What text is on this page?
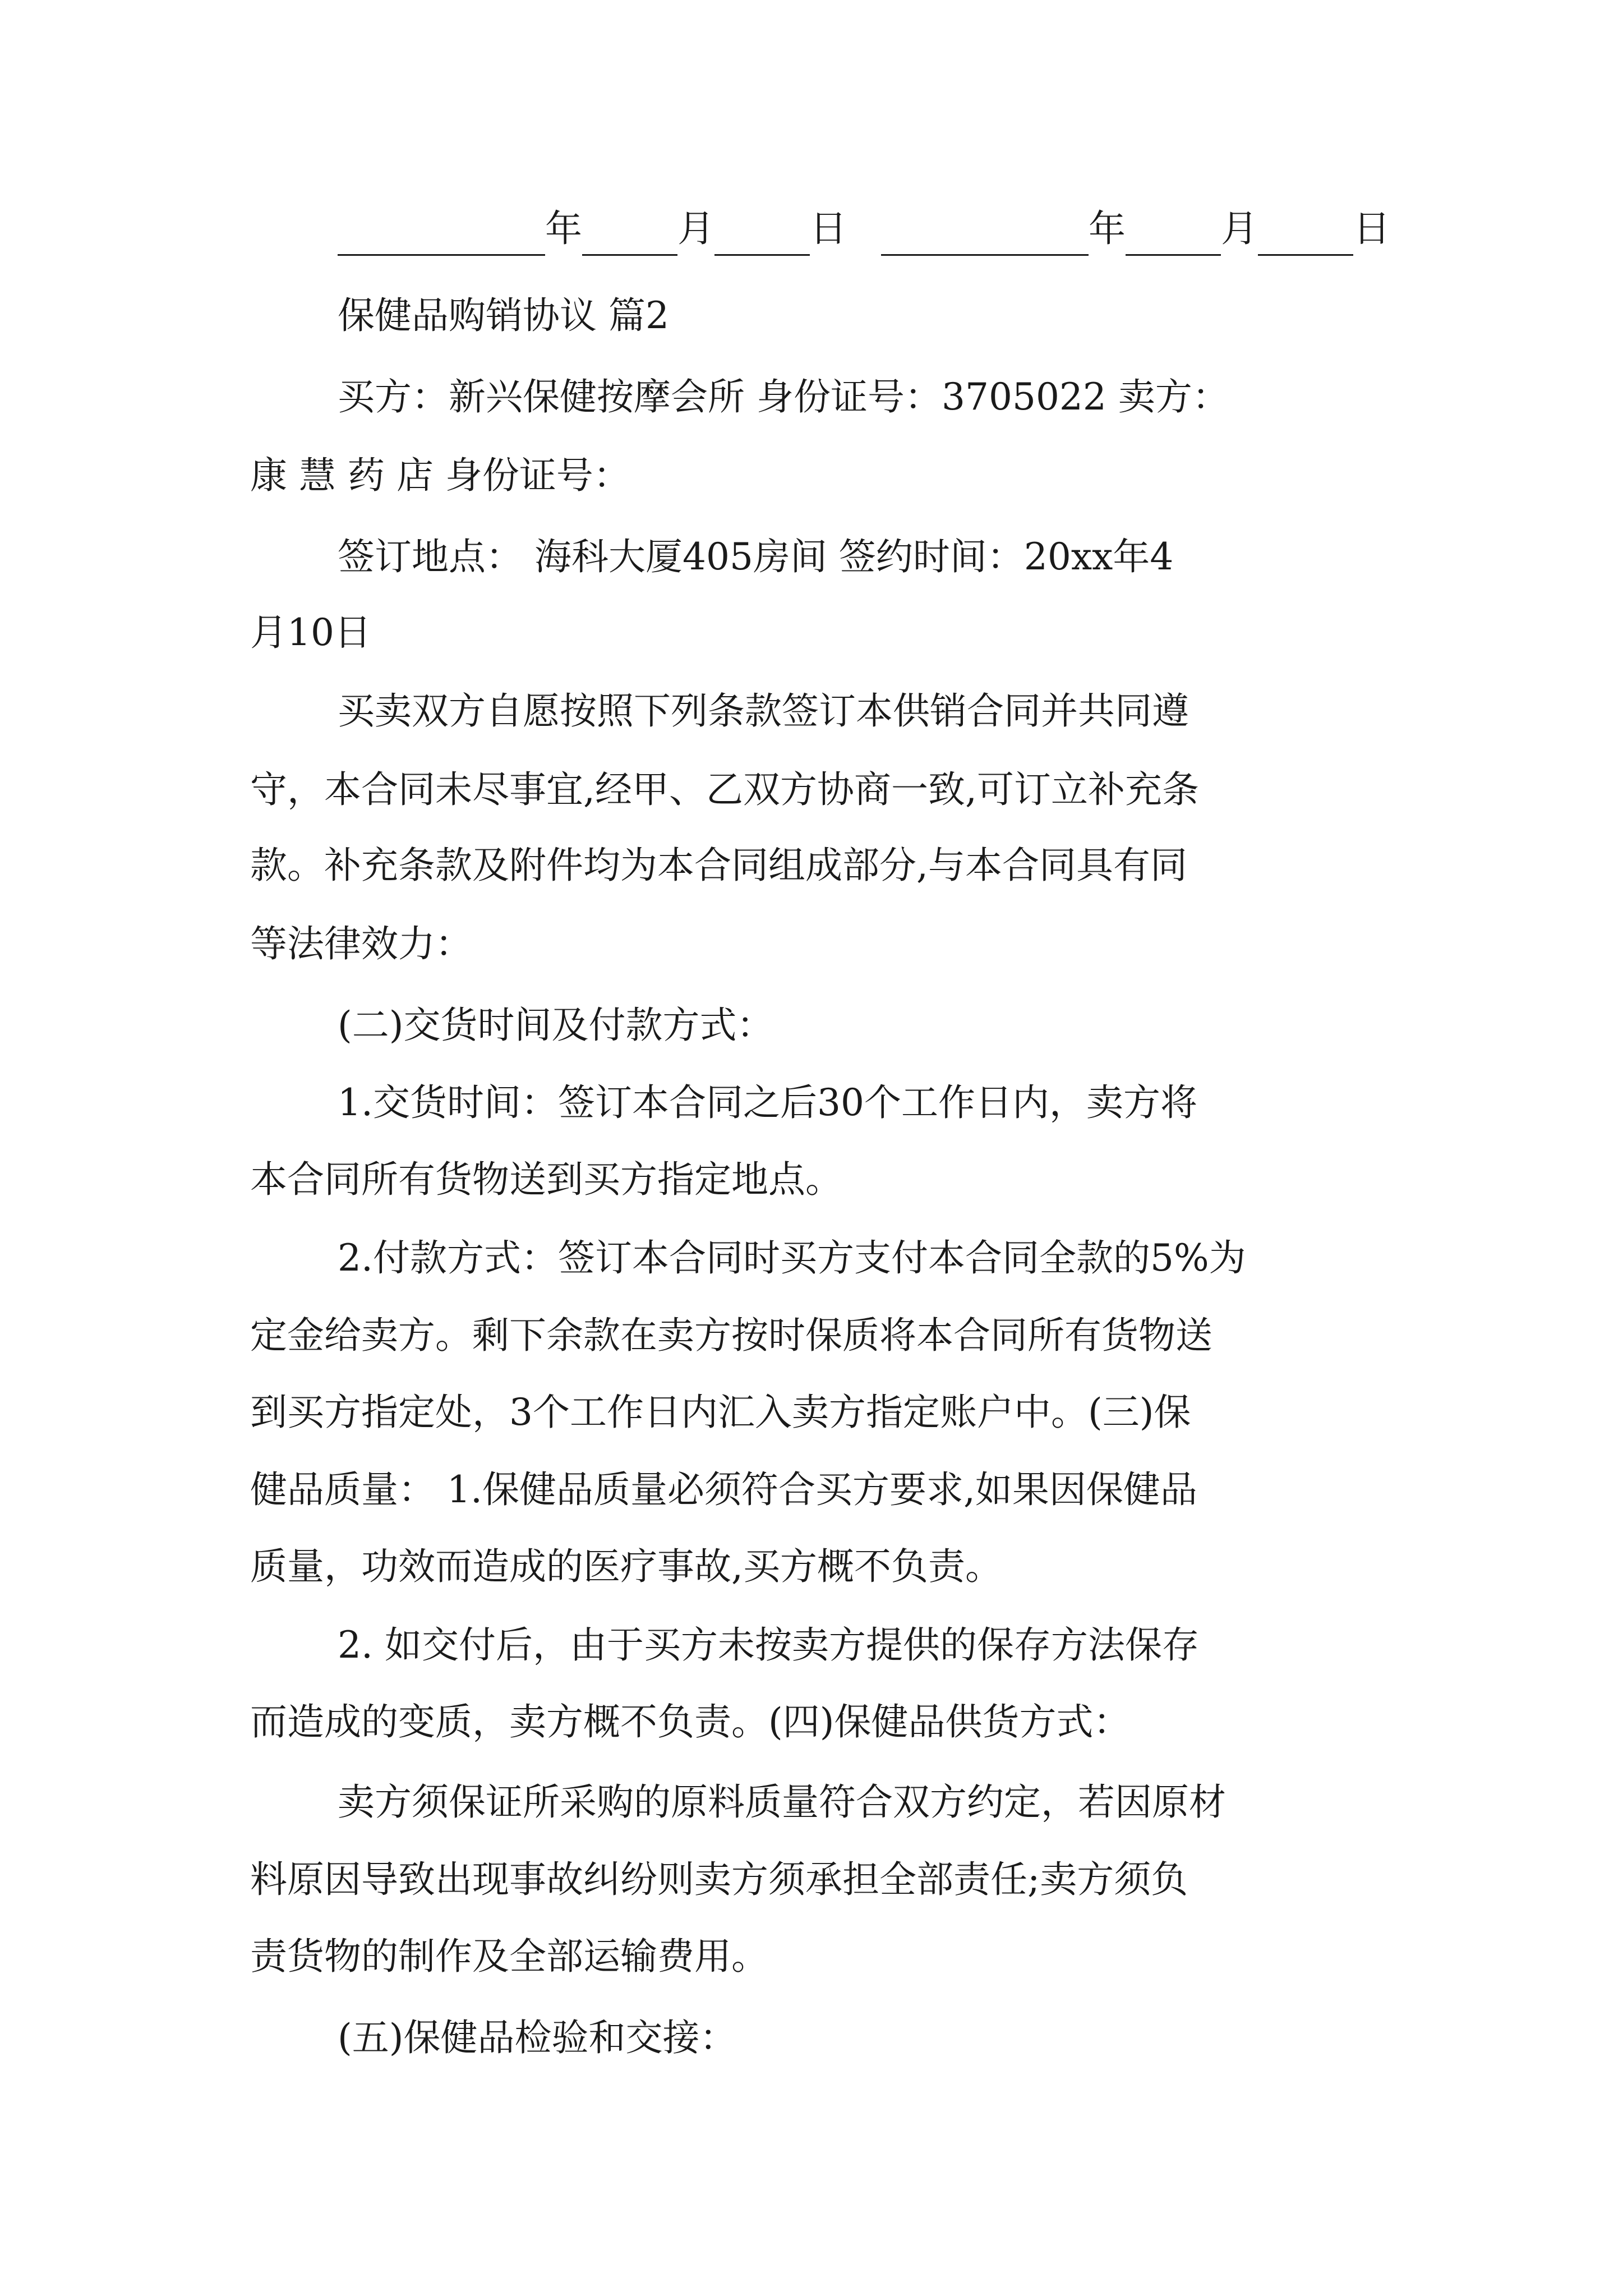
年	月	日	年	月	日
保健品购销协议 篇2
买方：新兴保健按摩会所 身份证号：3705022 卖方：
康 慧 药 店 身份证号：
签订地点： 海科大厦405房间 签约时间：20xx年4
月10日
买卖双方自愿按照下列条款签订本供销合同并共同遵
守，本合同未尽事宜,经甲、乙双方协商一致,可订立补充条
款。补充条款及附件均为本合同组成部分,与本合同具有同
等法律效力：
(二)交货时间及付款方式：
1.交货时间：签订本合同之后30个工作日内，卖方将
本合同所有货物送到买方指定地点。
2.付款方式：签订本合同时买方支付本合同全款的5%为
定金给卖方。剩下余款在卖方按时保质将本合同所有货物送
到买方指定处，3个工作日内汇入卖方指定账户中。(三)保
健品质量： 1.保健品质量必须符合买方要求,如果因保健品
质量，功效而造成的医疗事故,买方概不负责。
2. 如交付后，由于买方未按卖方提供的保存方法保存
而造成的变质，卖方概不负责。(四)保健品供货方式：
卖方须保证所采购的原料质量符合双方约定，若因原材
料原因导致出现事故纠纷则卖方须承担全部责任;卖方须负
责货物的制作及全部运输费用。
(五)保健品检验和交接：
